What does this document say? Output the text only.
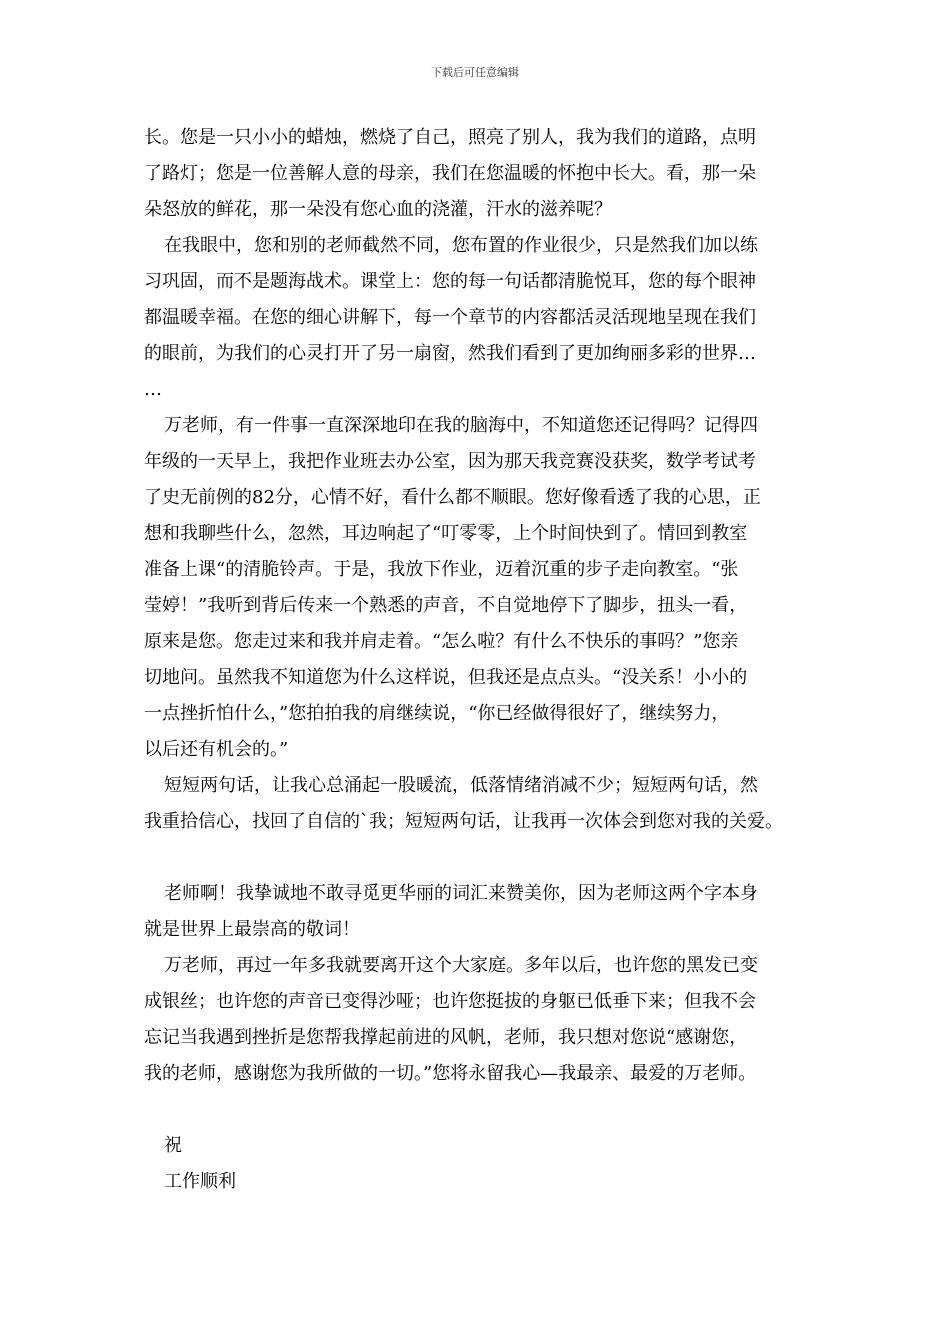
下载后可任意编辑
长。您是一只小小的蜡烛，燃烧了自己，照亮了别人，我为我们的道路，点明
了路灯；您是一位善解人意的母亲，我们在您温暖的怀抱中长大。看，那一朵
朵怒放的鲜花，那一朵没有您心血的浇灌，汗水的滋养呢？
在我眼中，您和别的老师截然不同，您布置的作业很少，只是然我们加以练
习巩固，而不是题海战术。课堂上：您的每一句话都清脆悦耳，您的每个眼神
都温暖幸福。在您的细心讲解下，每一个章节的内容都活灵活现地呈现在我们
的眼前，为我们的心灵打开了另一扇窗，然我们看到了更加绚丽多彩的世界…
…
万老师，有一件事一直深深地印在我的脑海中，不知道您还记得吗？记得四
年级的一天早上，我把作业班去办公室，因为那天我竞赛没获奖，数学考试考
了史无前例的82分，心情不好，看什么都不顺眼。您好像看透了我的心思，正
想和我聊些什么，忽然，耳边响起了“叮零零，上个时间快到了。情回到教室
准备上课“的清脆铃声。于是，我放下作业，迈着沉重的步子走向教室。“张
莹婷！”我听到背后传来一个熟悉的声音，不自觉地停下了脚步，扭头一看，
原来是您。您走过来和我并肩走着。“怎么啦？有什么不快乐的事吗？”您亲
切地问。虽然我不知道您为什么这样说，但我还是点点头。“没关系！小小的
一点挫折怕什么，”您拍拍我的肩继续说，“你已经做得很好了，继续努力，
以后还有机会的。”
短短两句话，让我心总涌起一股暖流，低落情绪消减不少；短短两句话，然
我重拾信心，找回了自信的`我；短短两句话，让我再一次体会到您对我的关爱。
老师啊！我挚诚地不敢寻觅更华丽的词汇来赞美你，因为老师这两个字本身
就是世界上最崇高的敬词！
万老师，再过一年多我就要离开这个大家庭。多年以后，也许您的黑发已变
成银丝；也许您的声音已变得沙哑；也许您挺拔的身躯已低垂下来；但我不会
忘记当我遇到挫折是您帮我撑起前进的风帆，老师，我只想对您说“感谢您，
我的老师，感谢您为我所做的一切。”您将永留我心—我最亲、最爱的万老师。
祝
工作顺利
